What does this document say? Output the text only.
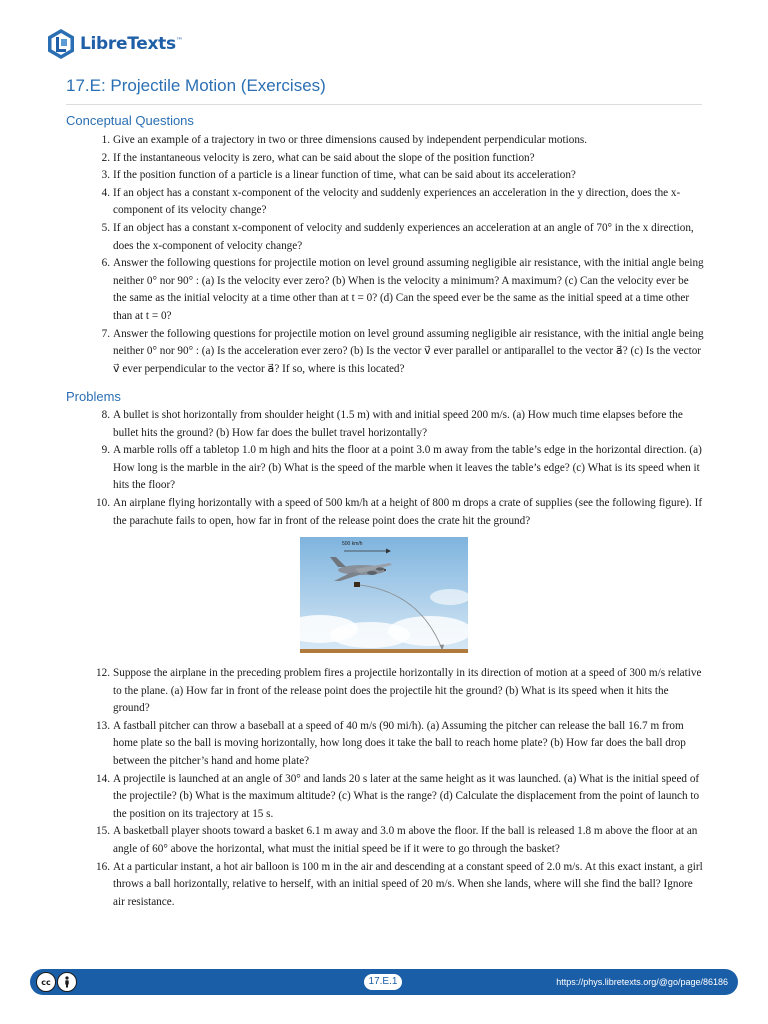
LibreTexts™
17.E: Projectile Motion (Exercises)
Conceptual Questions
1. Give an example of a trajectory in two or three dimensions caused by independent perpendicular motions.
2. If the instantaneous velocity is zero, what can be said about the slope of the position function?
3. If the position function of a particle is a linear function of time, what can be said about its acceleration?
4. If an object has a constant x-component of the velocity and suddenly experiences an acceleration in the y direction, does the x-component of its velocity change?
5. If an object has a constant x-component of velocity and suddenly experiences an acceleration at an angle of 70° in the x direction, does the x-component of velocity change?
6. Answer the following questions for projectile motion on level ground assuming negligible air resistance, with the initial angle being neither 0° nor 90° : (a) Is the velocity ever zero? (b) When is the velocity a minimum? A maximum? (c) Can the velocity ever be the same as the initial velocity at a time other than at t = 0? (d) Can the speed ever be the same as the initial speed at a time other than at t = 0?
7. Answer the following questions for projectile motion on level ground assuming negligible air resistance, with the initial angle being neither 0° nor 90° : (a) Is the acceleration ever zero? (b) Is the vector v⃗ ever parallel or antiparallel to the vector a⃗? (c) Is the vector v⃗ ever perpendicular to the vector a⃗? If so, where is this located?
Problems
8. A bullet is shot horizontally from shoulder height (1.5 m) with and initial speed 200 m/s. (a) How much time elapses before the bullet hits the ground? (b) How far does the bullet travel horizontally?
9. A marble rolls off a tabletop 1.0 m high and hits the floor at a point 3.0 m away from the table’s edge in the horizontal direction. (a) How long is the marble in the air? (b) What is the speed of the marble when it leaves the table’s edge? (c) What is its speed when it hits the floor?
10. An airplane flying horizontally with a speed of 500 km/h at a height of 800 m drops a crate of supplies (see the following figure). If the parachute fails to open, how far in front of the release point does the crate hit the ground?
500 km/h
12. Suppose the airplane in the preceding problem fires a projectile horizontally in its direction of motion at a speed of 300 m/s relative to the plane. (a) How far in front of the release point does the projectile hit the ground? (b) What is its speed when it hits the ground?
13. A fastball pitcher can throw a baseball at a speed of 40 m/s (90 mi/h). (a) Assuming the pitcher can release the ball 16.7 m from home plate so the ball is moving horizontally, how long does it take the ball to reach home plate? (b) How far does the ball drop between the pitcher’s hand and home plate?
14. A projectile is launched at an angle of 30° and lands 20 s later at the same height as it was launched. (a) What is the initial speed of the projectile? (b) What is the maximum altitude? (c) What is the range? (d) Calculate the displacement from the point of launch to the position on its trajectory at 15 s.
15. A basketball player shoots toward a basket 6.1 m away and 3.0 m above the floor. If the ball is released 1.8 m above the floor at an angle of 60° above the horizontal, what must the initial speed be if it were to go through the basket?
16. At a particular instant, a hot air balloon is 100 m in the air and descending at a constant speed of 2.0 m/s. At this exact instant, a girl throws a ball horizontally, relative to herself, with an initial speed of 20 m/s. When she lands, where will she find the ball? Ignore air resistance.
cc	17.E.1	https://phys.libretexts.org/@go/page/86186
